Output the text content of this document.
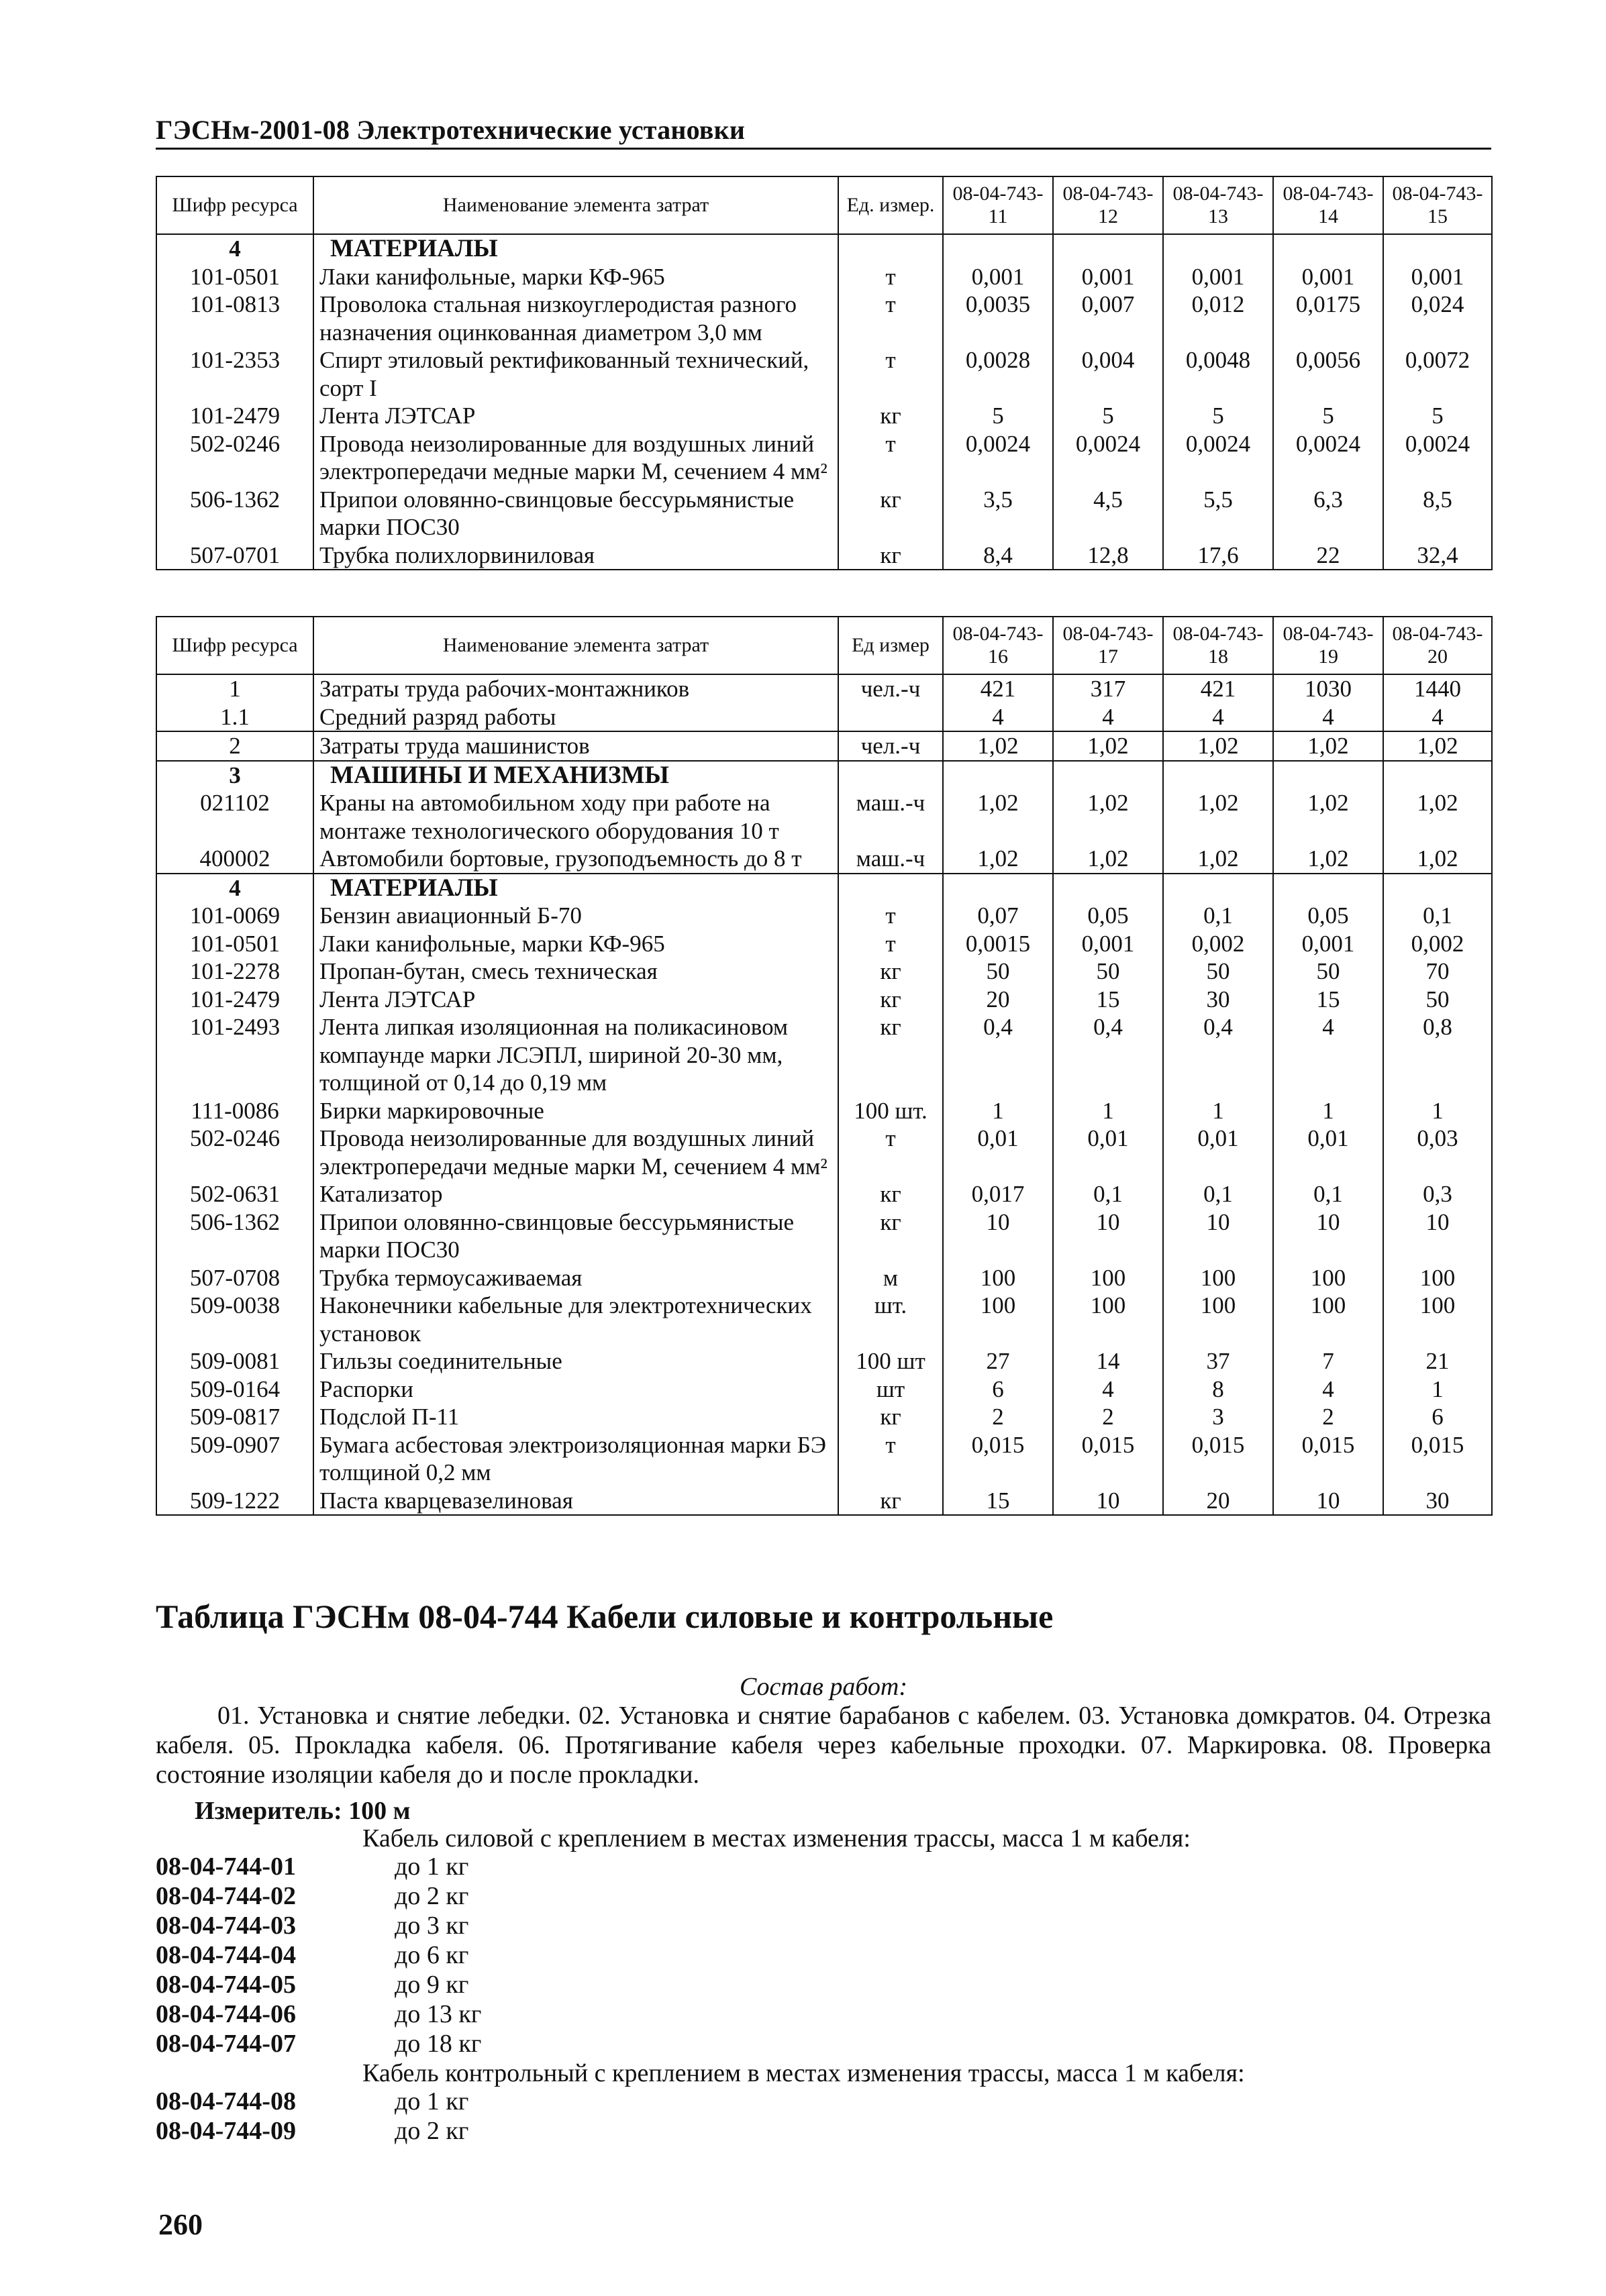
ГЭСНм-2001-08 Электротехнические установки
Шифр ресурса	Наименование элемента затрат	Ед. измер.	08-04-743-11	08-04-743-12	08-04-743-13	08-04-743-14	08-04-743-15
4	МАТЕРИАЛЫ						
101-0501	Лаки канифольные, марки КФ-965	т	0,001	0,001	0,001	0,001	0,001
101-0813	Проволока стальная низкоуглеродистая разного назначения оцинкованная диаметром 3,0 мм	т	0,0035	0,007	0,012	0,0175	0,024
101-2353	Спирт этиловый ректификованный технический, сорт I	т	0,0028	0,004	0,0048	0,0056	0,0072
101-2479	Лента ЛЭТСАР	кг	5	5	5	5	5
502-0246	Провода неизолированные для воздушных линий электропередачи медные марки М, сечением 4 мм²	т	0,0024	0,0024	0,0024	0,0024	0,0024
506-1362	Припои оловянно-свинцовые бессурьмянистые марки ПОС30	кг	3,5	4,5	5,5	6,3	8,5
507-0701	Трубка полихлорвиниловая	кг	8,4	12,8	17,6	22	32,4
Шифр ресурса	Наименование элемента затрат	Ед измер	08-04-743-16	08-04-743-17	08-04-743-18	08-04-743-19	08-04-743-20
1	Затраты труда рабочих-монтажников	чел.-ч	421	317	421	1030	1440
1.1	Средний разряд работы		4	4	4	4	4
2	Затраты труда машинистов	чел.-ч	1,02	1,02	1,02	1,02	1,02
3	МАШИНЫ И МЕХАНИЗМЫ						
021102	Краны на автомобильном ходу при работе на монтаже технологического оборудования 10 т	маш.-ч	1,02	1,02	1,02	1,02	1,02
400002	Автомобили бортовые, грузоподъемность до 8 т	маш.-ч	1,02	1,02	1,02	1,02	1,02
4	МАТЕРИАЛЫ						
101-0069	Бензин авиационный Б-70	т	0,07	0,05	0,1	0,05	0,1
101-0501	Лаки канифольные, марки КФ-965	т	0,0015	0,001	0,002	0,001	0,002
101-2278	Пропан-бутан, смесь техническая	кг	50	50	50	50	70
101-2479	Лента ЛЭТСАР	кг	20	15	30	15	50
101-2493	Лента липкая изоляционная на поликасиновом компаунде марки ЛСЭПЛ, шириной 20-30 мм, толщиной от 0,14 до 0,19 мм	кг	0,4	0,4	0,4	4	0,8
111-0086	Бирки маркировочные	100 шт.	1	1	1	1	1
502-0246	Провода неизолированные для воздушных линий электропередачи медные марки М, сечением 4 мм²	т	0,01	0,01	0,01	0,01	0,03
502-0631	Катализатор	кг	0,017	0,1	0,1	0,1	0,3
506-1362	Припои оловянно-свинцовые бессурьмянистые марки ПОС30	кг	10	10	10	10	10
507-0708	Трубка термоусаживаемая	м	100	100	100	100	100
509-0038	Наконечники кабельные для электротехнических установок	шт.	100	100	100	100	100
509-0081	Гильзы соединительные	100 шт	27	14	37	7	21
509-0164	Распорки	шт	6	4	8	4	1
509-0817	Подслой П-11	кг	2	2	3	2	6
509-0907	Бумага асбестовая электроизоляционная марки БЭ толщиной 0,2 мм	т	0,015	0,015	0,015	0,015	0,015
509-1222	Паста кварцевазелиновая	кг	15	10	20	10	30
Таблица ГЭСНм 08-04-744 Кабели силовые и контрольные
Состав работ:
01. Установка и снятие лебедки. 02. Установка и снятие барабанов с кабелем. 03. Установка домкратов. 04. Отрезка кабеля. 05. Прокладка кабеля. 06. Протягивание кабеля через кабельные проходки. 07. Маркировка. 08. Проверка состояние изоляции кабеля до и после прокладки.
Измеритель: 100 м
Кабель силовой с креплением в местах изменения трассы, масса 1 м кабеля:
08-04-744-01	до 1 кг
08-04-744-02	до 2 кг
08-04-744-03	до 3 кг
08-04-744-04	до 6 кг
08-04-744-05	до 9 кг
08-04-744-06	до 13 кг
08-04-744-07	до 18 кг
Кабель контрольный с креплением в местах изменения трассы, масса 1 м кабеля:
08-04-744-08	до 1 кг
08-04-744-09	до 2 кг
260
